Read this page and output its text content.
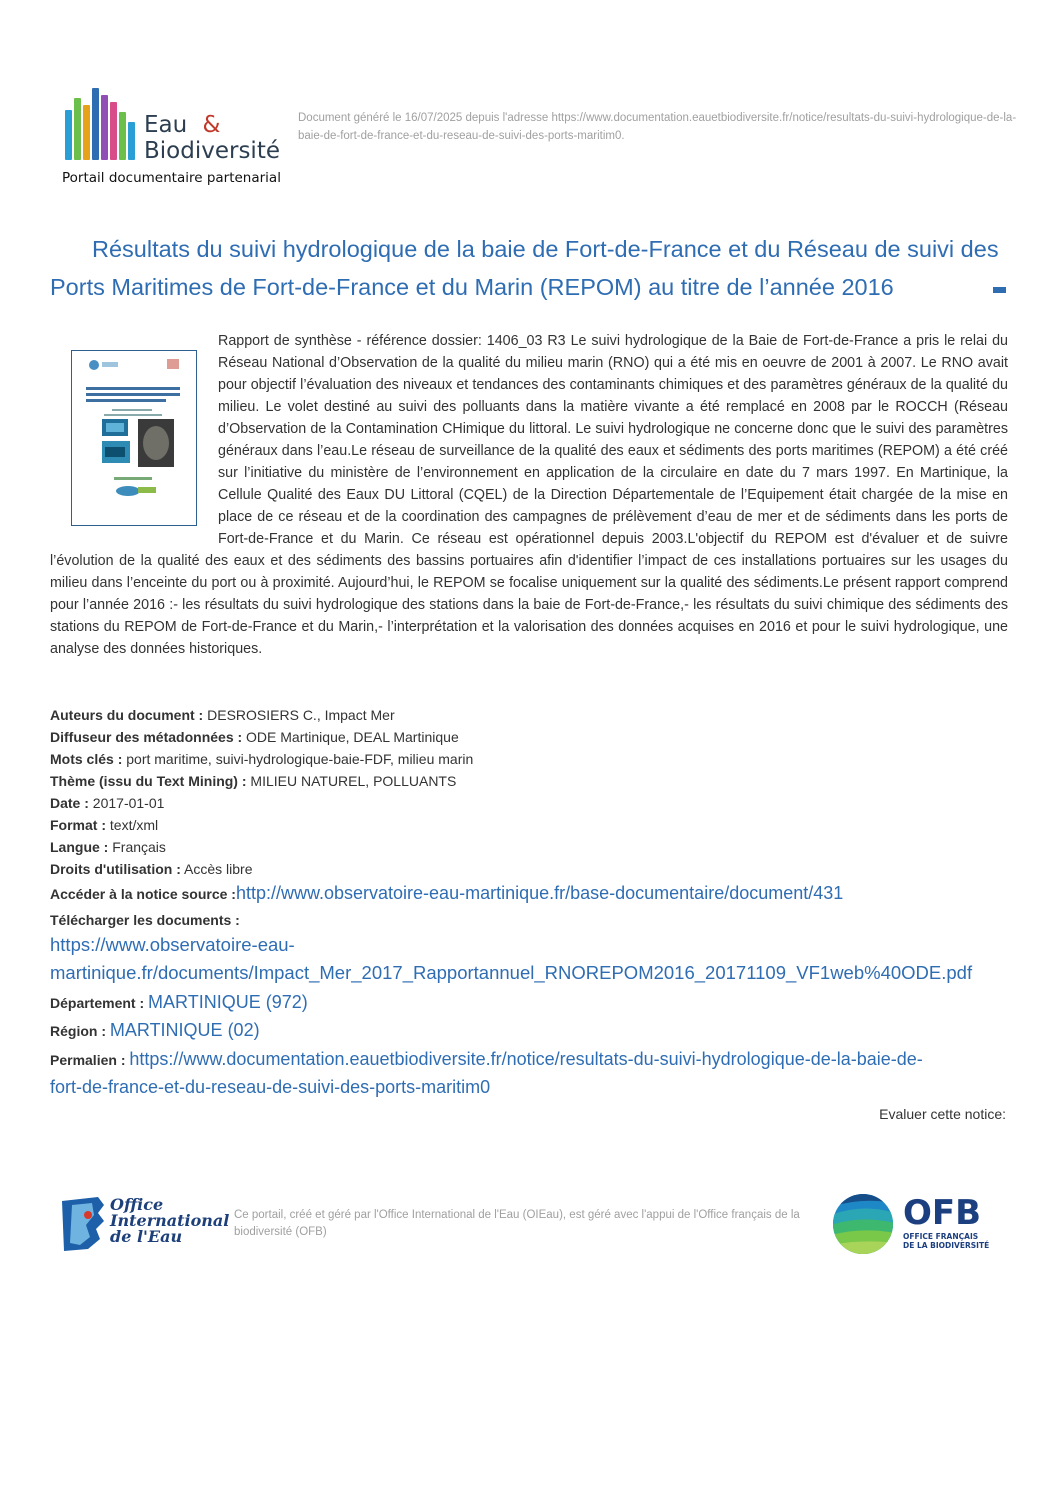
Eau &
Biodiversité
Portail documentaire partenarial
Document généré le 16/07/2025 depuis l'adresse https://www.documentation.eauetbiodiversite.fr/notice/resultats-du-suivi-hydrologique-de-la-baie-de-fort-de-france-et-du-reseau-de-suivi-des-ports-maritim0.
Résultats du suivi hydrologique de la baie de Fort-de-France et du Réseau de suivi des Ports Maritimes de Fort-de-France et du Marin (REPOM) au titre de l’année 2016
Rapport de synthèse - référence dossier: 1406_03 R3 Le suivi hydrologique de la Baie de Fort-de-France a pris le relai du Réseau National d’Observation de la qualité du milieu marin (RNO) qui a été mis en oeuvre de 2001 à 2007. Le RNO avait pour objectif l’évaluation des niveaux et tendances des contaminants chimiques et des paramètres généraux de la qualité du milieu. Le volet destiné au suivi des polluants dans la matière vivante a été remplacé en 2008 par le ROCCH (Réseau d’Observation de la Contamination CHimique du littoral. Le suivi hydrologique ne concerne donc que le suivi des paramètres généraux dans l’eau.Le réseau de surveillance de la qualité des eaux et sédiments des ports maritimes (REPOM) a été créé sur l’initiative du ministère de l’environnement en application de la circulaire en date du 7 mars 1997. En Martinique, la Cellule Qualité des Eaux DU Littoral (CQEL) de la Direction Départementale de l’Equipement était chargée de la mise en place de ce réseau et de la coordination des campagnes de prélèvement d’eau de mer et de sédiments dans les ports de Fort-de-France et du Marin. Ce réseau est opérationnel depuis 2003.L'objectif du REPOM est d'évaluer et de suivre l’évolution de la qualité des eaux et des sédiments des bassins portuaires afin d'identifier l’impact de ces installations portuaires sur les usages du milieu dans l’enceinte du port ou à proximité. Aujourd’hui, le REPOM se focalise uniquement sur la qualité des sédiments.Le présent rapport comprend pour l’année 2016 :- les résultats du suivi hydrologique des stations dans la baie de Fort-de-France,- les résultats du suivi chimique des sédiments des stations du REPOM de Fort-de-France et du Marin,- l’interprétation et la valorisation des données acquises en 2016 et pour le suivi hydrologique, une analyse des données historiques.
Auteurs du document : DESROSIERS C., Impact Mer
Diffuseur des métadonnées : ODE Martinique, DEAL Martinique
Mots clés : port maritime, suivi-hydrologique-baie-FDF, milieu marin
Thème (issu du Text Mining) : MILIEU NATUREL, POLLUANTS
Date : 2017-01-01
Format : text/xml
Langue : Français
Droits d'utilisation : Accès libre
Accéder à la notice source :http://www.observatoire-eau-martinique.fr/base-documentaire/document/431
Télécharger les documents :
https://www.observatoire-eau-
martinique.fr/documents/Impact_Mer_2017_Rapportannuel_RNOREPOM2016_20171109_VF1web%40ODE.pdf
Département : MARTINIQUE (972)
Région : MARTINIQUE (02)
Permalien : https://www.documentation.eauetbiodiversite.fr/notice/resultats-du-suivi-hydrologique-de-la-baie-de-
fort-de-france-et-du-reseau-de-suivi-des-ports-maritim0
Evaluer cette notice:
Office
International
de l'Eau
Ce portail, créé et géré par l'Office International de l'Eau (OIEau), est géré avec l'appui de l'Office français de la biodiversité (OFB)	OFB
OFFICE FRANÇAIS
DE LA BIODIVERSITÉ
